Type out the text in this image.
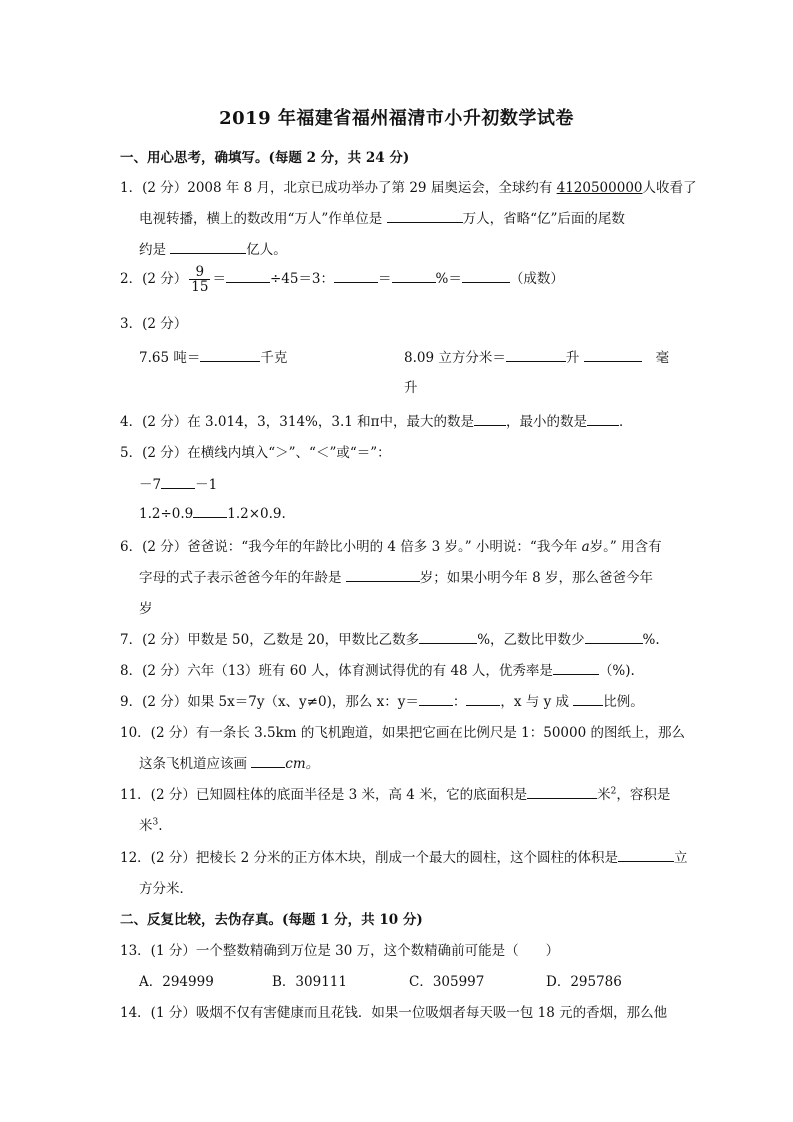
2019 年福建省福州福清市小升初数学试卷
一、用心思考，确填写。(每题 2 分，共 24 分)
1．(2 分）2008 年 8 月，北京已成功举办了第 29 届奥运会，全球约有 4120500000人收看了
电视转播，横上的数改用“万人”作单位是	万人，省略“亿”后面的尾数
约是	亿人。
2．(2 分） $\frac{9}{15}$ ＝	÷45＝3：	＝	%＝	（成数）
3．(2 分）
7.65 吨＝	千克	8.09 立方分米＝	升	毫
升
4．(2 分）在 3.014，3，314%，3.1 和π中，最大的数是 ，最小的数是 ．
5．(2 分）在横线内填入“＞”、“＜”或“＝”：
－7	－1
1.2÷0.9	1.2×0.9.
6．(2 分）爸爸说：“我今年的年龄比小明的 4 倍多 3 岁。” 小明说：“我今年 a岁。” 用含有
字母的式子表示爸爸今年的年龄是	岁；如果小明今年 8 岁，那么爸爸今年
岁
7．(2 分）甲数是 50，乙数是 20，甲数比乙数多	%，乙数比甲数少	%.
8．(2 分）六年（13）班有 60 人，体育测试得优的有 48 人，优秀率是	（%).
9．(2 分）如果 5x＝7y（x、y≠0)，那么 x：y＝	：	，x 与 y 成 比例。
10．(2 分）有一条长 3.5km 的飞机跑道，如果把它画在比例尺是 1：50000 的图纸上，那么
这条飞机道应该画	cm。
11．(2 分）已知圆柱体的底面半径是 3 米，高 4 米，它的底面积是	米$^2$，容积是
米$^3$.
12．(2 分）把棱长 2 分米的正方体木块，削成一个最大的圆柱，这个圆柱的体积是	立
方分米．
二、反复比较，去伪存真。(每题 1 分，共 10 分)
13．(1 分）一个整数精确到万位是 30 万，这个数精确前可能是（　　）
A．294999	B．309111	C．305997	D．295786
14．(1 分）吸烟不仅有害健康而且花钱．如果一位吸烟者每天吸一包 18 元的香烟，那么他
